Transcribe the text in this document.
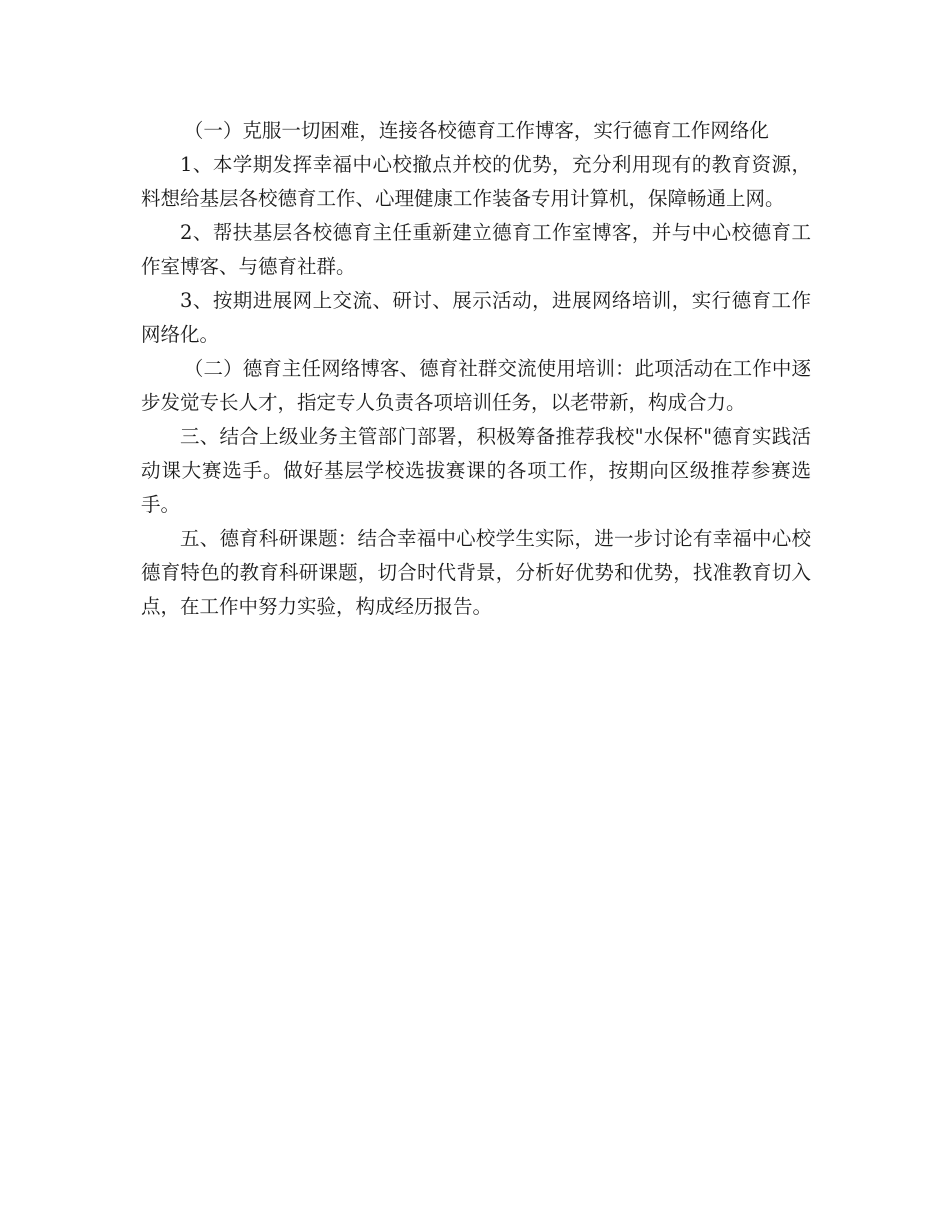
（一）克服一切困难，连接各校德育工作博客，实行德育工作网络化

1、本学期发挥幸福中心校撤点并校的优势，充分利用现有的教育资源，料想给基层各校德育工作、心理健康工作装备专用计算机，保障畅通上网。

2、帮扶基层各校德育主任重新建立德育工作室博客，并与中心校德育工作室博客、与德育社群。

3、按期进展网上交流、研讨、展示活动，进展网络培训，实行德育工作网络化。

（二）德育主任网络博客、德育社群交流使用培训：此项活动在工作中逐步发觉专长人才，指定专人负责各项培训任务，以老带新，构成合力。

三、结合上级业务主管部门部署，积极筹备推荐我校"水保杯"德育实践活动课大赛选手。做好基层学校选拔赛课的各项工作，按期向区级推荐参赛选手。

五、德育科研课题：结合幸福中心校学生实际，进一步讨论有幸福中心校德育特色的教育科研课题，切合时代背景，分析好优势和优势，找准教育切入点，在工作中努力实验，构成经历报告。
